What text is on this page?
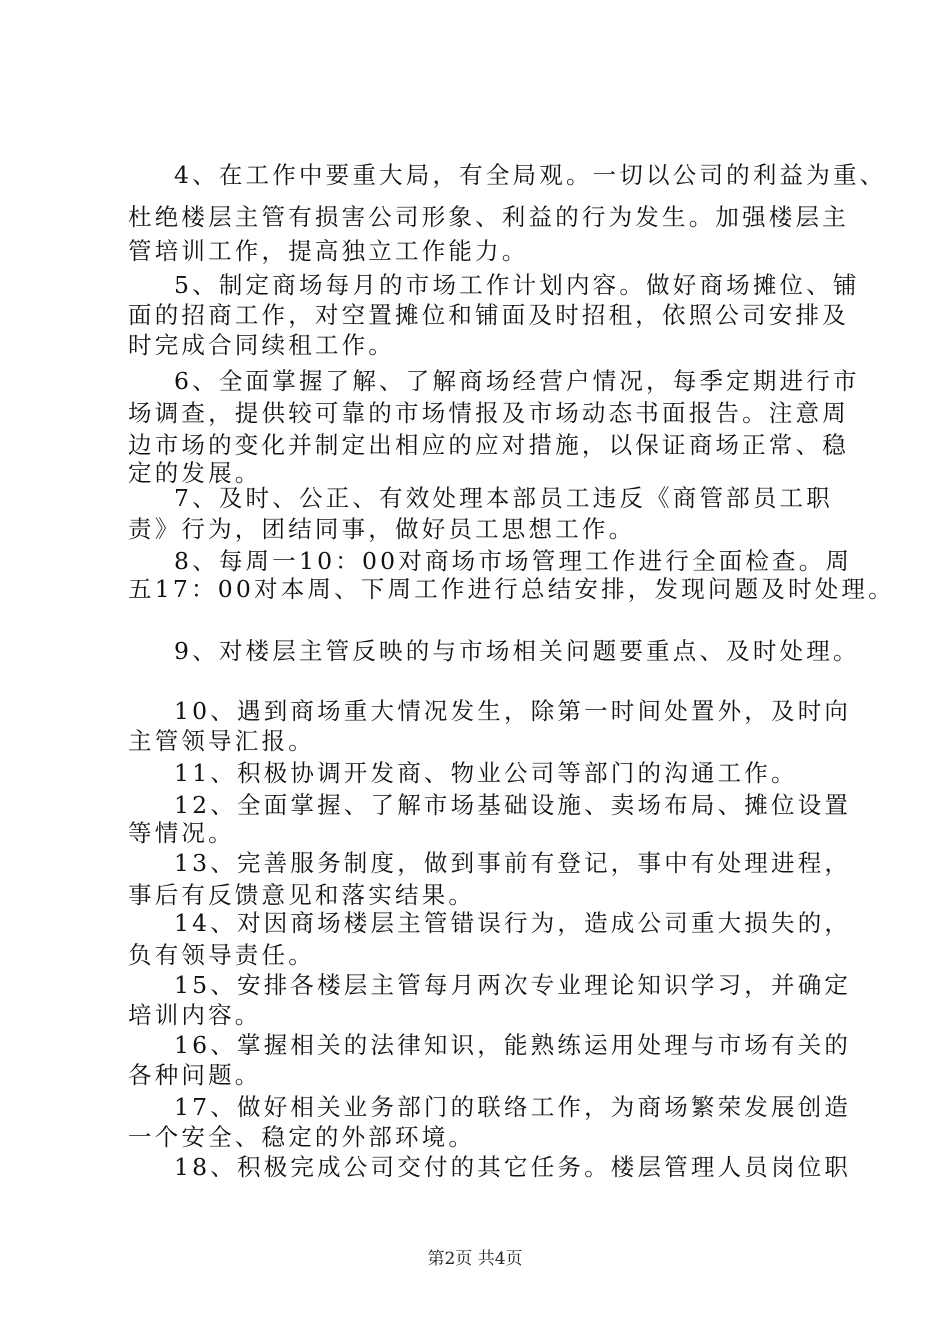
4、在工作中要重大局，有全局观。一切以公司的利益为重、
杜绝楼层主管有损害公司形象、利益的行为发生。加强楼层主
管培训工作，提高独立工作能力。
5、制定商场每月的市场工作计划内容。做好商场摊位、铺
面的招商工作，对空置摊位和铺面及时招租，依照公司安排及
时完成合同续租工作。
6、全面掌握了解、了解商场经营户情况，每季定期进行市
场调查，提供较可靠的市场情报及市场动态书面报告。注意周
边市场的变化并制定出相应的应对措施，以保证商场正常、稳
定的发展。
7、及时、公正、有效处理本部员工违反《商管部员工职
责》行为，团结同事，做好员工思想工作。
8、每周一10：00对商场市场管理工作进行全面检查。周
五17：00对本周、下周工作进行总结安排，发现问题及时处理。
9、对楼层主管反映的与市场相关问题要重点、及时处理。
10、遇到商场重大情况发生，除第一时间处置外，及时向
主管领导汇报。
11、积极协调开发商、物业公司等部门的沟通工作。
12、全面掌握、了解市场基础设施、卖场布局、摊位设置
等情况。
13、完善服务制度，做到事前有登记，事中有处理进程，
事后有反馈意见和落实结果。
14、对因商场楼层主管错误行为，造成公司重大损失的，
负有领导责任。
15、安排各楼层主管每月两次专业理论知识学习，并确定
培训内容。
16、掌握相关的法律知识，能熟练运用处理与市场有关的
各种问题。
17、做好相关业务部门的联络工作，为商场繁荣发展创造
一个安全、稳定的外部环境。
18、积极完成公司交付的其它任务。楼层管理人员岗位职
第2页 共4页
